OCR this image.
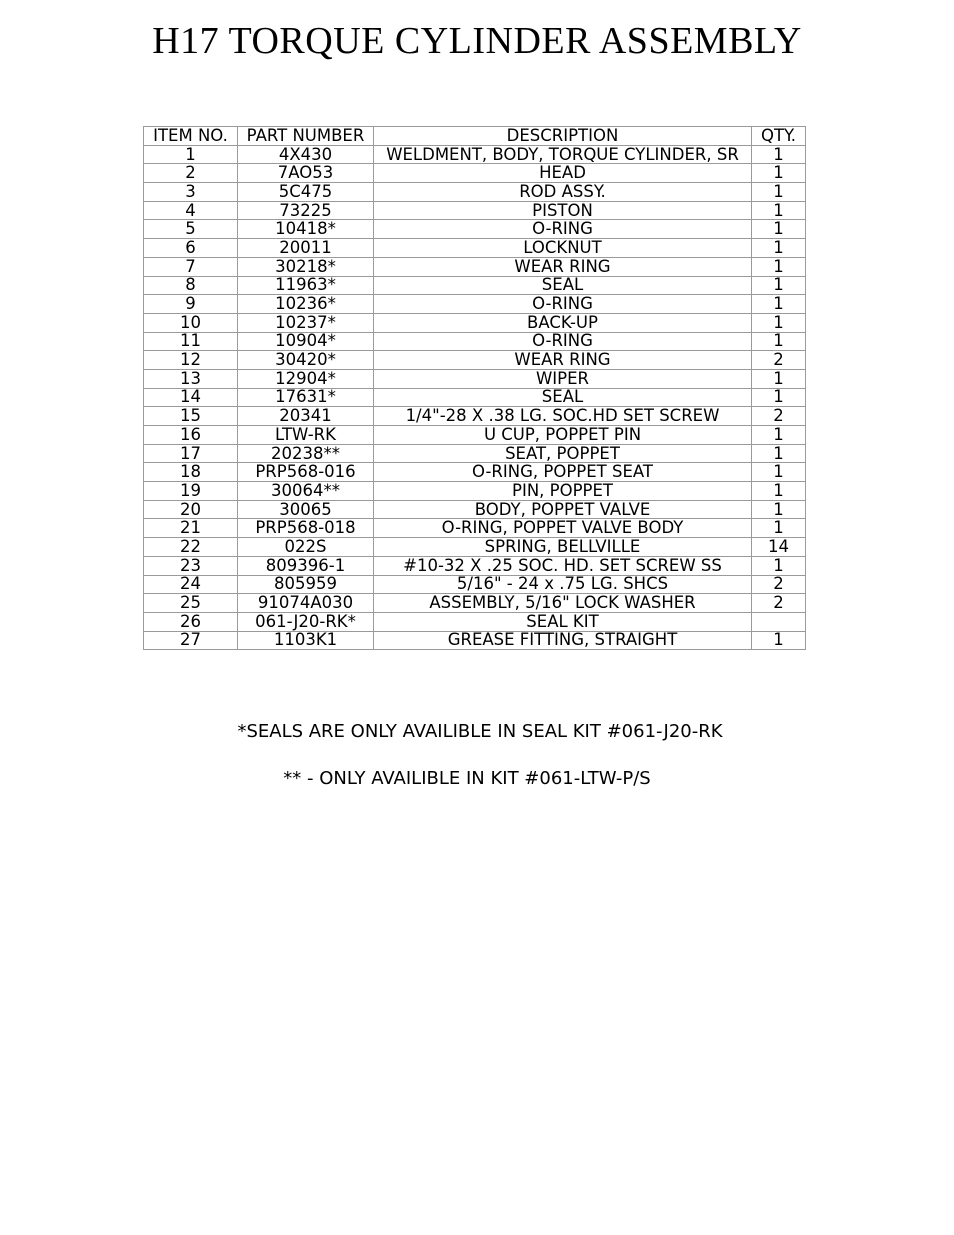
H17 TORQUE CYLINDER ASSEMBLY
ITEM NO.	PART NUMBER	DESCRIPTION	QTY.
1	4X430	WELDMENT, BODY, TORQUE CYLINDER, SR	1
2	7AO53	HEAD	1
3	5C475	ROD ASSY.	1
4	73225	PISTON	1
5	10418*	O-RING	1
6	20011	LOCKNUT	1
7	30218*	WEAR RING	1
8	11963*	SEAL	1
9	10236*	O-RING	1
10	10237*	BACK-UP	1
11	10904*	O-RING	1
12	30420*	WEAR RING	2
13	12904*	WIPER	1
14	17631*	SEAL	1
15	20341	1/4"-28 X .38 LG. SOC.HD SET SCREW	2
16	LTW-RK	U CUP, POPPET PIN	1
17	20238**	SEAT, POPPET	1
18	PRP568-016	O-RING, POPPET SEAT	1
19	30064**	PIN, POPPET	1
20	30065	BODY, POPPET VALVE	1
21	PRP568-018	O-RING, POPPET VALVE BODY	1
22	022S	SPRING, BELLVILLE	14
23	809396-1	#10-32 X .25 SOC. HD. SET SCREW SS	1
24	805959	5/16" - 24 x .75 LG. SHCS	2
25	91074A030	ASSEMBLY, 5/16" LOCK WASHER	2
26	061-J20-RK*	SEAL KIT	
27	1103K1	GREASE FITTING, STRAIGHT	1
*SEALS ARE ONLY AVAILIBLE IN SEAL KIT #061-J20-RK
** - ONLY AVAILIBLE IN KIT #061-LTW-P/S
